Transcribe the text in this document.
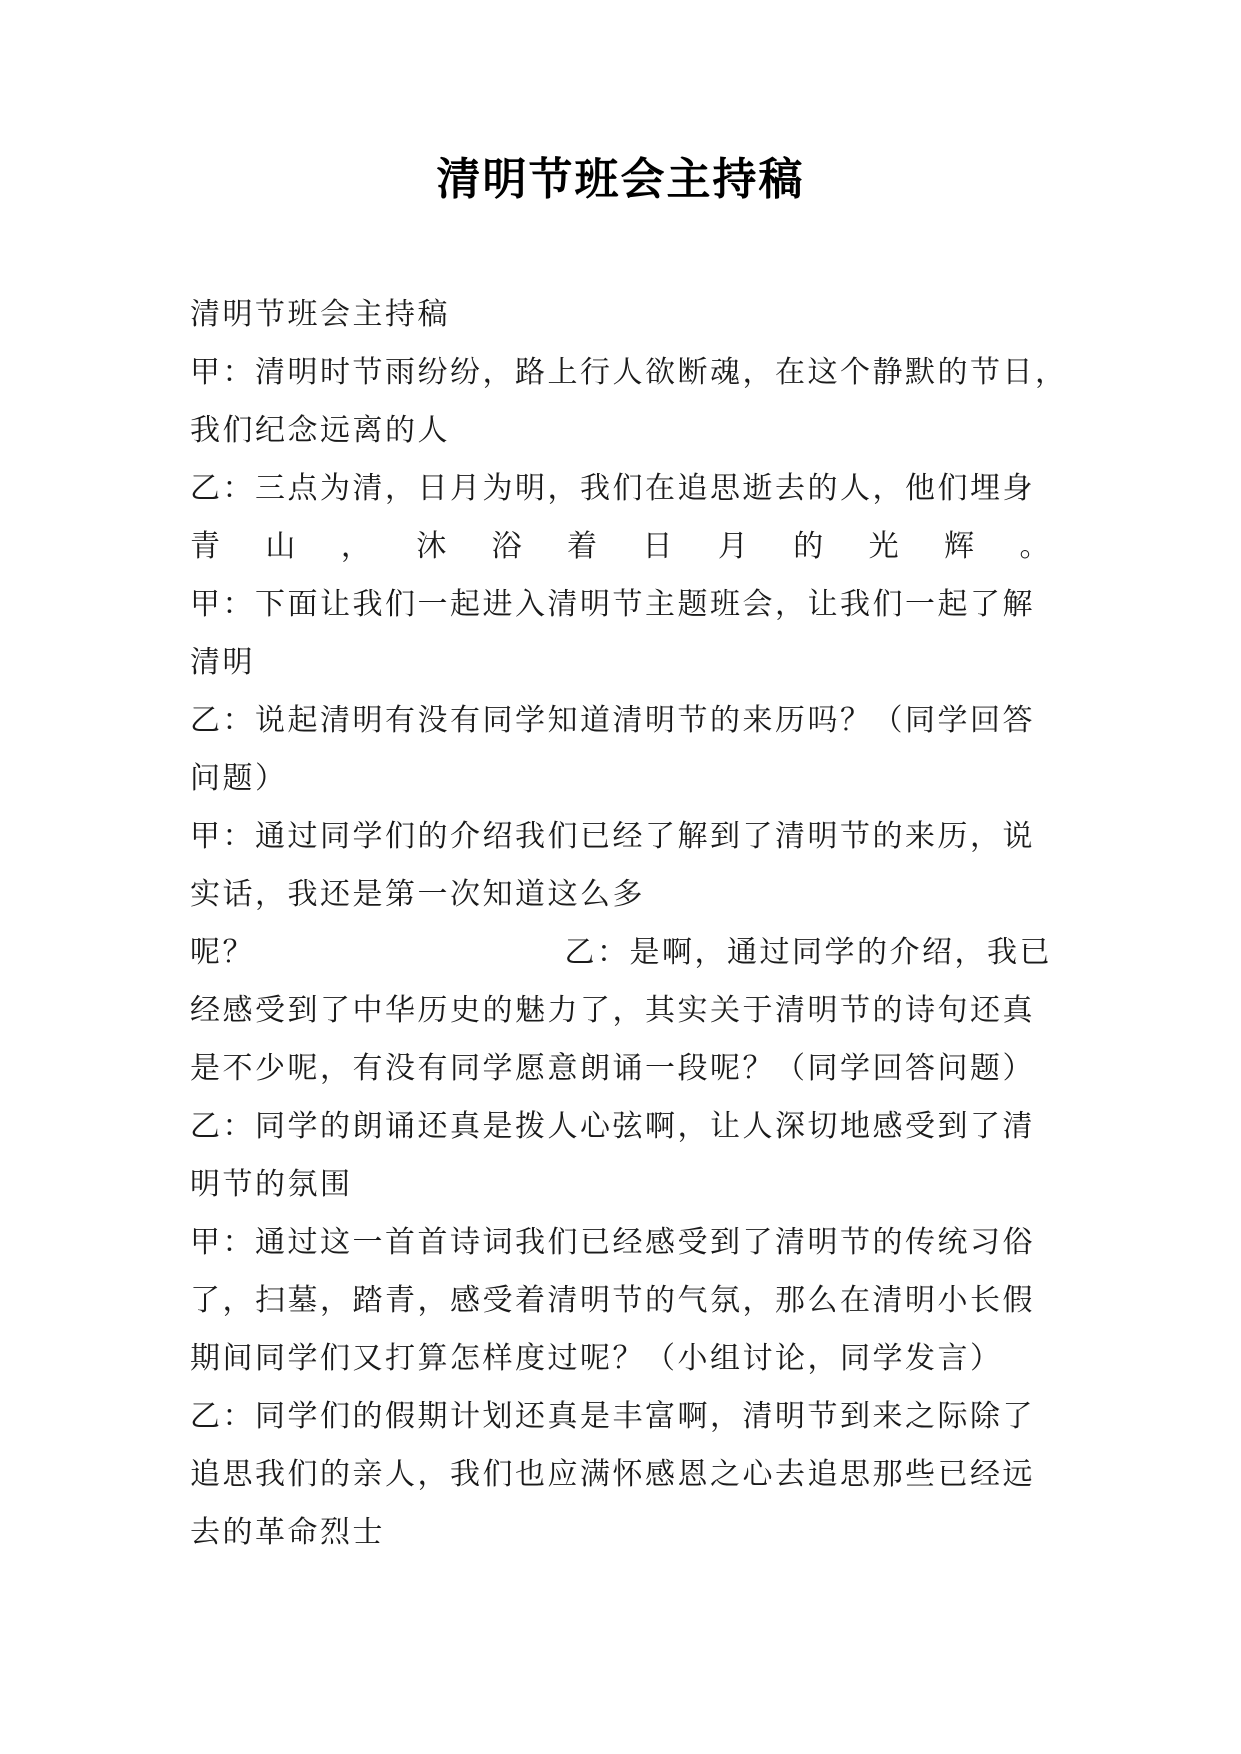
清明节班会主持稿
清明节班会主持稿
甲：清明时节雨纷纷，路上行人欲断魂，在这个静默的节日，
我们纪念远离的人
乙：三点为清，日月为明，我们在追思逝去的人，他们埋身
青 山 ， 沐 浴 着 日 月 的 光 辉 。
甲：下面让我们一起进入清明节主题班会，让我们一起了解
清明
乙：说起清明有没有同学知道清明节的来历吗？（同学回答
问题）
甲：通过同学们的介绍我们已经了解到了清明节的来历，说
实话，我还是第一次知道这么多
呢？	乙：是啊，通过同学的介绍，我已
经感受到了中华历史的魅力了，其实关于清明节的诗句还真
是不少呢，有没有同学愿意朗诵一段呢？（同学回答问题）
乙：同学的朗诵还真是拨人心弦啊，让人深切地感受到了清
明节的氛围
甲：通过这一首首诗词我们已经感受到了清明节的传统习俗
了，扫墓，踏青，感受着清明节的气氛，那么在清明小长假
期间同学们又打算怎样度过呢？（小组讨论，同学发言）
乙：同学们的假期计划还真是丰富啊，清明节到来之际除了
追思我们的亲人，我们也应满怀感恩之心去追思那些已经远
去的革命烈士
